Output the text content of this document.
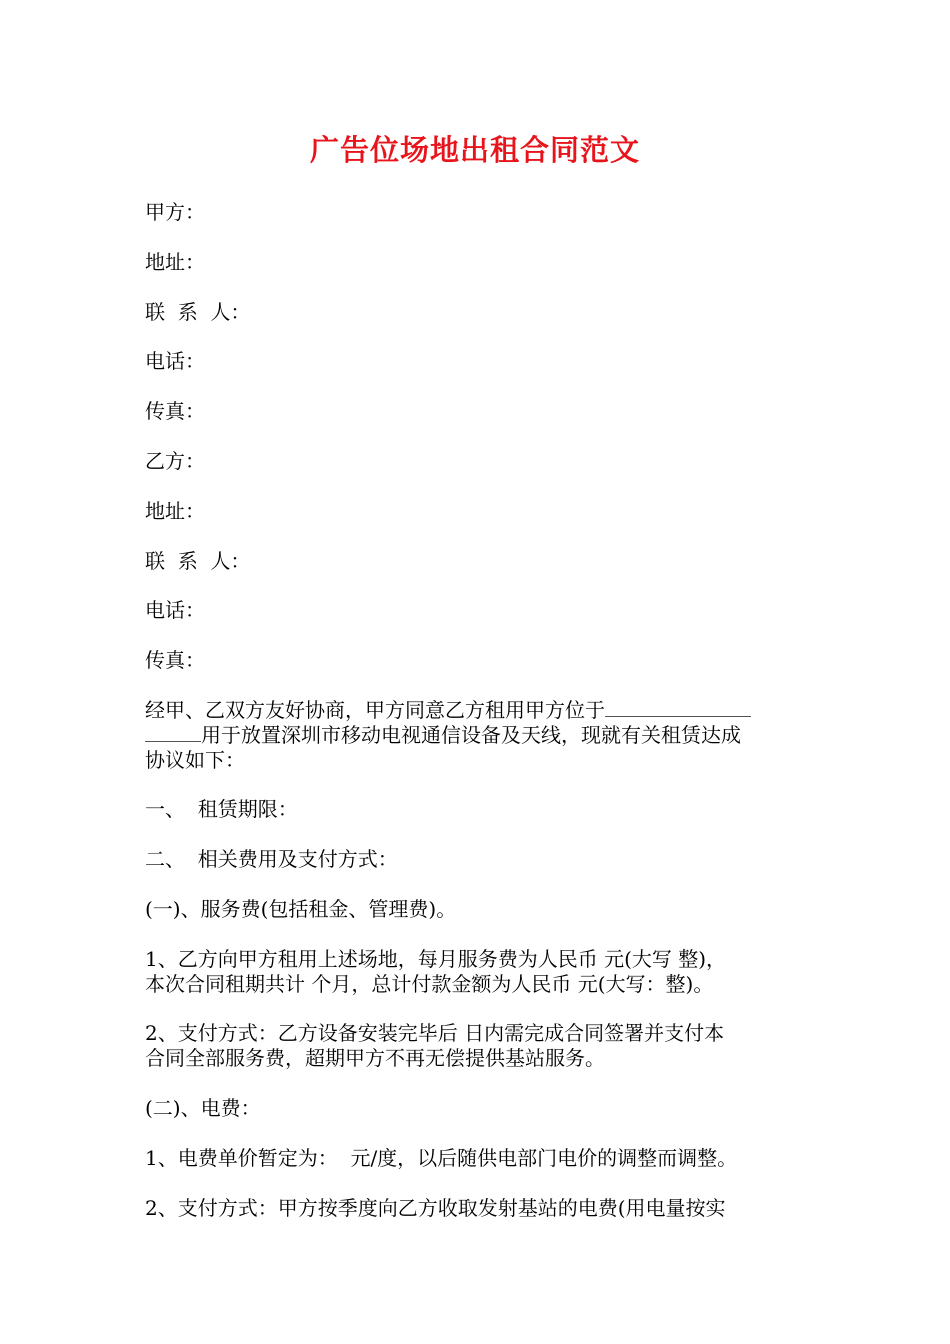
广告位场地出租合同范文

甲方：

地址：

联  系  人：

电话：

传真：

乙方：

地址：

联  系  人：

电话：

传真：

经甲、乙双方友好协商，甲方同意乙方租用甲方位于

用于放置深圳市移动电视通信设备及天线，现就有关租赁达成

协议如下：

一、  租赁期限：

二、  相关费用及支付方式：

(一)、服务费(包括租金、管理费)。

1、乙方向甲方租用上述场地，每月服务费为人民币 元(大写 整)，

本次合同租期共计 个月，总计付款金额为人民币 元(大写：整)。

2、支付方式：乙方设备安装完毕后 日内需完成合同签署并支付本

合同全部服务费，超期甲方不再无偿提供基站服务。

(二)、电费：

1、电费单价暂定为：  元/度，以后随供电部门电价的调整而调整。

2、支付方式：甲方按季度向乙方收取发射基站的电费(用电量按实
